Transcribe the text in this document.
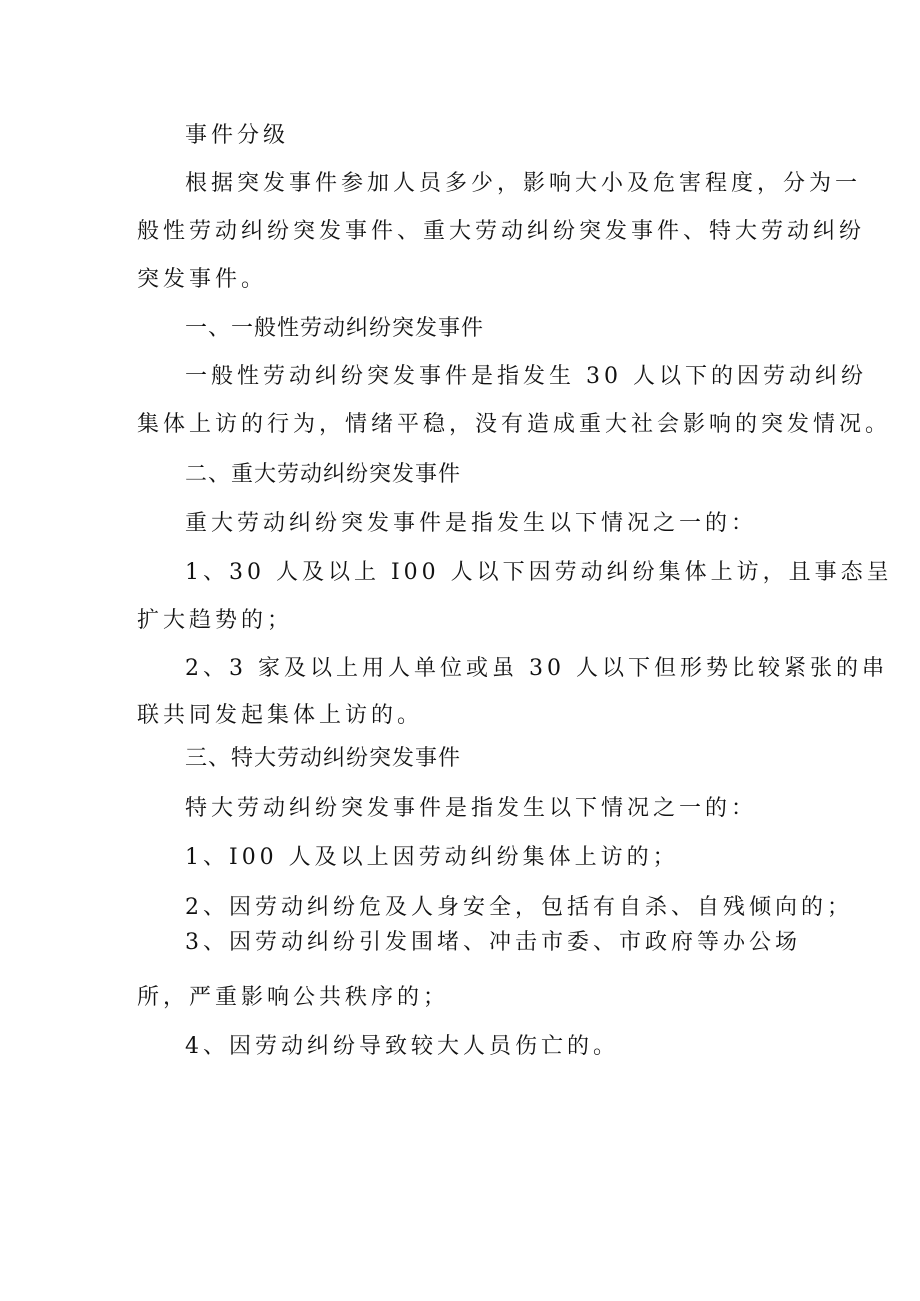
事件分级
根据突发事件参加人员多少，影响大小及危害程度，分为一
般性劳动纠纷突发事件、重大劳动纠纷突发事件、特大劳动纠纷
突发事件。
一、一般性劳动纠纷突发事件
一般性劳动纠纷突发事件是指发生 30 人以下的因劳动纠纷
集体上访的行为，情绪平稳，没有造成重大社会影响的突发情况。
二、重大劳动纠纷突发事件
重大劳动纠纷突发事件是指发生以下情况之一的：
1、30 人及以上 I00 人以下因劳动纠纷集体上访，且事态呈
扩大趋势的；
2、3 家及以上用人单位或虽 30 人以下但形势比较紧张的串
联共同发起集体上访的。
三、特大劳动纠纷突发事件
特大劳动纠纷突发事件是指发生以下情况之一的：
1、I00 人及以上因劳动纠纷集体上访的；
2、因劳动纠纷危及人身安全，包括有自杀、自残倾向的；
3、因劳动纠纷引发围堵、冲击市委、市政府等办公场
所，严重影响公共秩序的；
4、因劳动纠纷导致较大人员伤亡的。
